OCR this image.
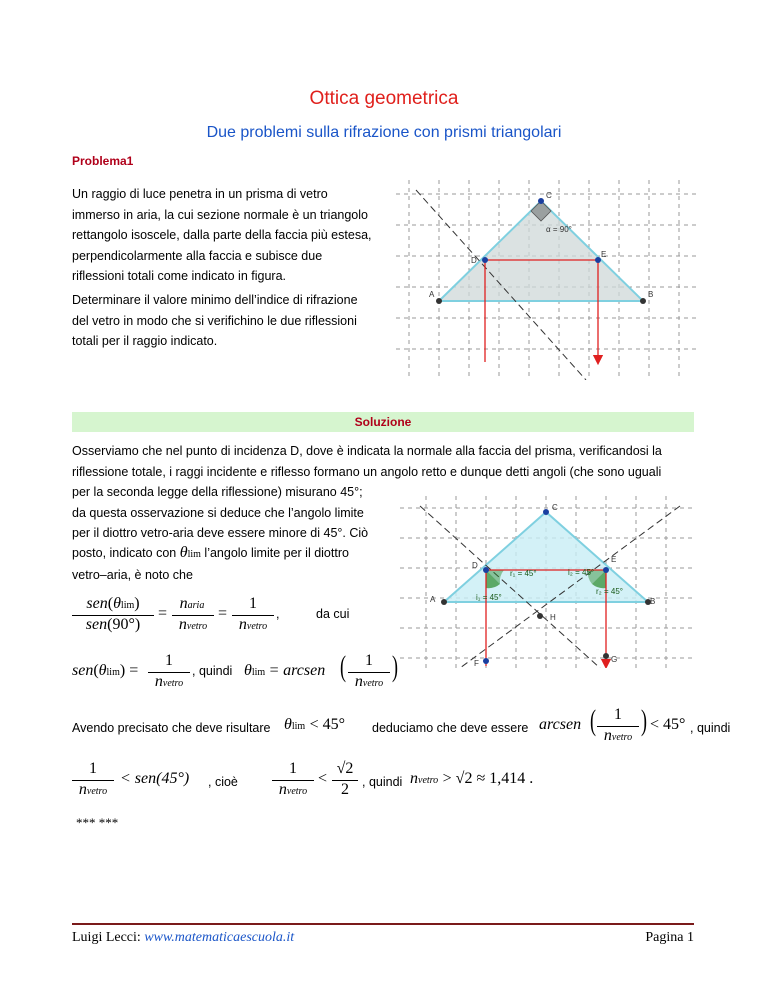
Ottica geometrica
Due problemi sulla rifrazione con prismi triangolari
Problema1
Un raggio di luce penetra in un prisma di vetro
immerso in aria, la cui sezione normale è un triangolo
rettangolo isoscele, dalla parte della faccia più estesa,
perpendicolarmente alla faccia e subisce due
riflessioni totali come indicato in figura.
Determinare il valore minimo dell’indice di rifrazione
del vetro in modo che si verifichino le due riflessioni
totali per il raggio indicato.
C
D
E
A	B
α = 90°
Soluzione
Osserviamo che nel punto di incidenza D, dove è indicata la normale alla faccia del prisma, verificandosi la
riflessione totale, i raggi incidente e riflesso formano un angolo retto e dunque detti angoli (che sono uguali
per la seconda legge della riflessione) misurano 45°;
da questa osservazione si deduce che l’angolo limite
per il diottro vetro-aria deve essere minore di 45°. Ciò
posto, indicato con θlim l’angolo limite per il diottro
vetro–aria, è noto che
sen(θlim)
sen(90°)
=
naria
nvetro
=
1
nvetro
,	da cui
sen(θlim) =
1
nvetro
, quindi θlim = arcsen (	1
nvetro
)
C
D
E
A	B
H
F	G
r₁ = 45°	i₂ = 45°
i₁ = 45°
r₂ = 45°
Avendo precisato che deve risultare θlim < 45° deduciamo che deve essere arcsen (	1
nvetro
) < 45° , quindi
1
nvetro
< sen(45°) , cioè
1
nvetro
<
√2
2	, quindi nvetro > √2 ≈ 1,414 .
*** ***
Luigi Lecci: www.matematicaescuola.it	Pagina 1
